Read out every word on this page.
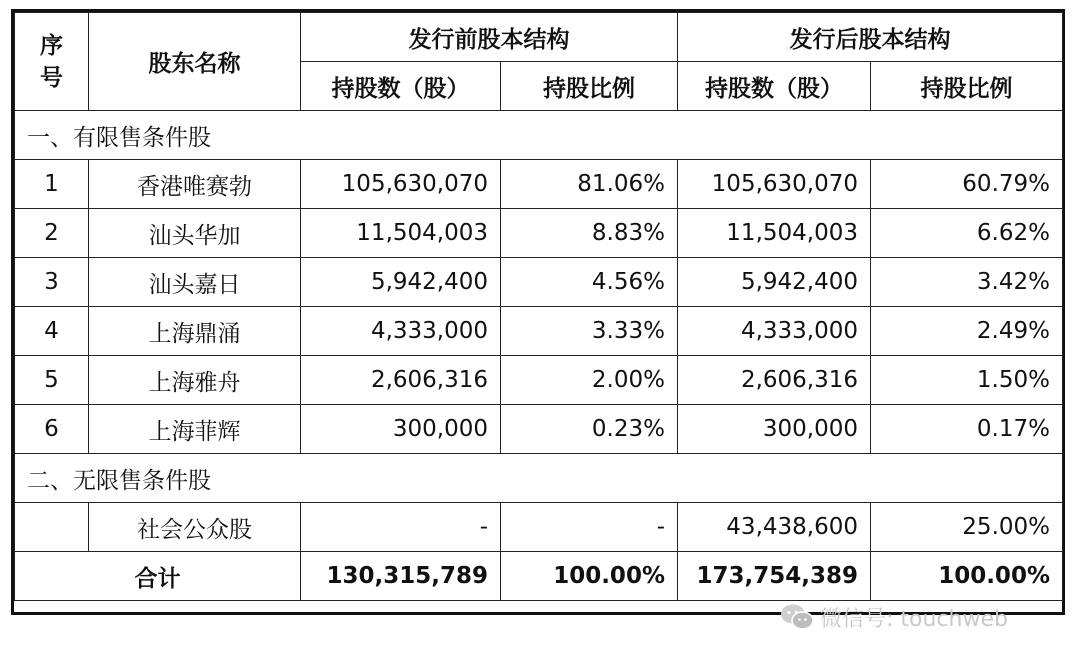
序
号	股东名称	发行前股本结构		发行后股本结构	
		持股数（股）	持股比例	持股数（股）	持股比例
一、有限售条件股					
1	香港唯赛勃	105,630,070	81.06%	105,630,070	60.79%
2	汕头华加	11,504,003	8.83%	11,504,003	6.62%
3	汕头嘉日	5,942,400	4.56%	5,942,400	3.42%
4	上海鼎涌	4,333,000	3.33%	4,333,000	2.49%
5	上海雅舟	2,606,316	2.00%	2,606,316	1.50%
6	上海菲辉	300,000	0.23%	300,000	0.17%
二、无限售条件股					
	社会公众股	-	-	43,438,600	25.00%
合计		130,315,789	100.00%	173,754,389	100.00%
微信号: touchweb
